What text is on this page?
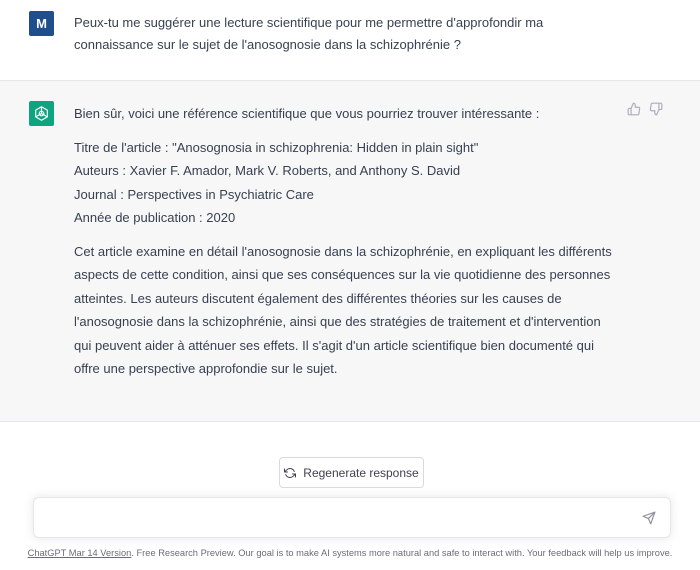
M	Peux-tu me suggérer une lecture scientifique pour me permettre d'approfondir ma connaissance sur le sujet de l'anosognosie dans la schizophrénie ?

Bien sûr, voici une référence scientifique que vous pourriez trouver intéressante :

Titre de l'article : "Anosognosia in schizophrenia: Hidden in plain sight"
Auteurs : Xavier F. Amador, Mark V. Roberts, and Anthony S. David
Journal : Perspectives in Psychiatric Care
Année de publication : 2020

Cet article examine en détail l'anosognosie dans la schizophrénie, en expliquant les différents aspects de cette condition, ainsi que ses conséquences sur la vie quotidienne des personnes atteintes. Les auteurs discutent également des différentes théories sur les causes de l'anosognosie dans la schizophrénie, ainsi que des stratégies de traitement et d'intervention qui peuvent aider à atténuer ses effets. Il s'agit d'un article scientifique bien documenté qui offre une perspective approfondie sur le sujet.

Regenerate response
ChatGPT Mar 14 Version. Free Research Preview. Our goal is to make AI systems more natural and safe to interact with. Your feedback will help us improve.
